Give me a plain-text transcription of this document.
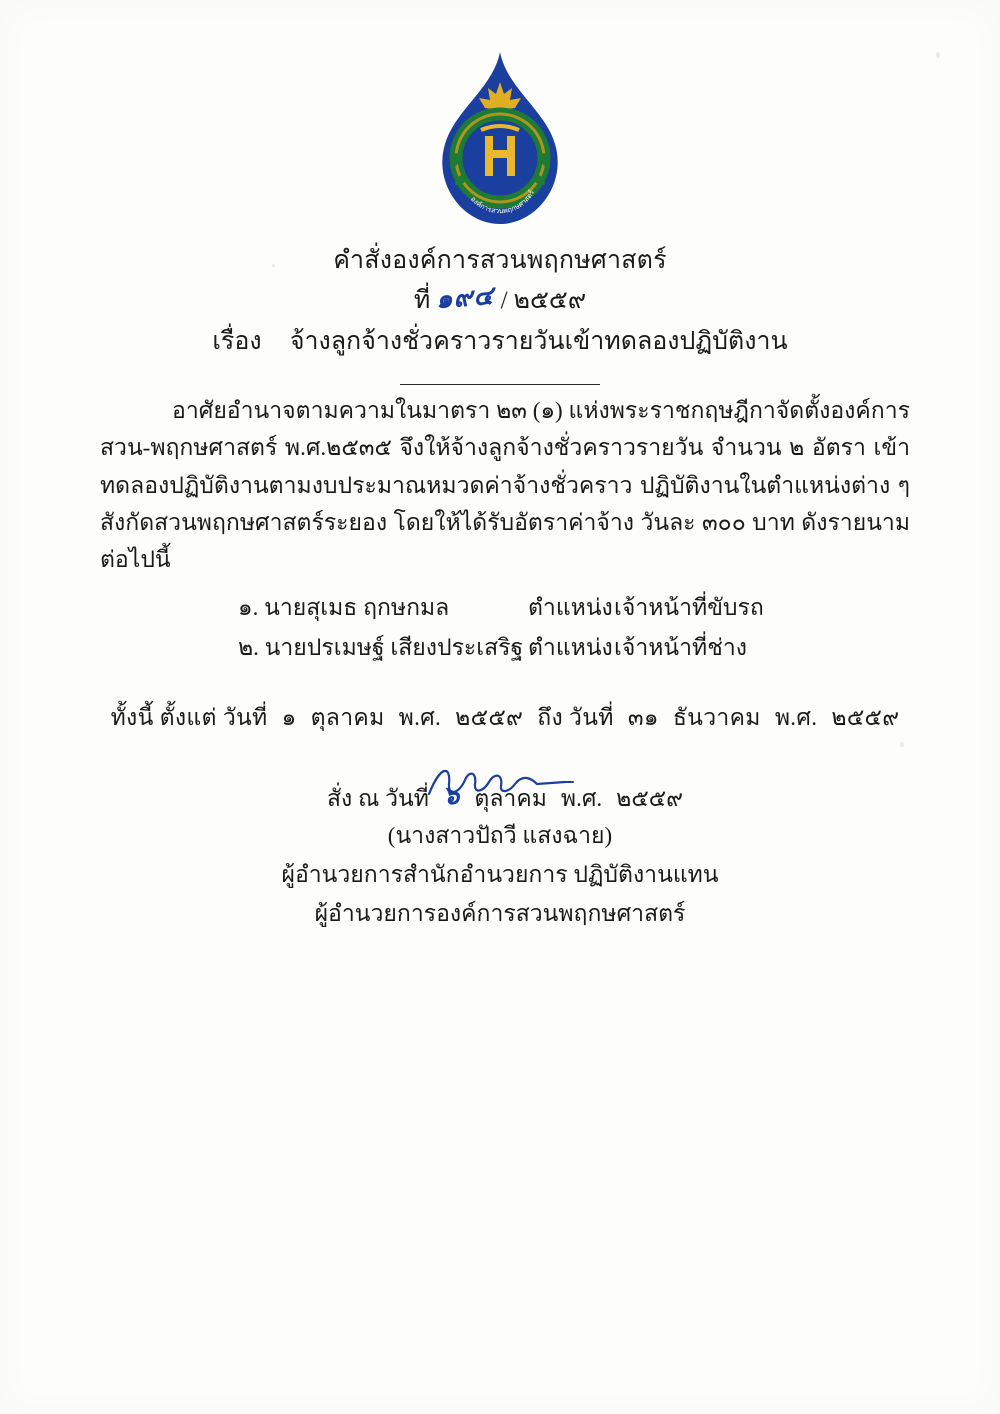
องค์การสวนพฤกษศาสตร์
คำสั่งองค์การสวนพฤกษศาสตร์
ที่ ๑๙๔ / ๒๕๕๙
เรื่อง จ้างลูกจ้างชั่วคราวรายวันเข้าทดลองปฏิบัติงาน
อาศัยอำนาจตามความในมาตรา ๒๓ (๑) แห่งพระราชกฤษฎีกาจัดตั้งองค์การสวน-พฤกษศาสตร์ พ.ศ.๒๕๓๕ จึงให้จ้างลูกจ้างชั่วคราวรายวัน จำนวน ๒ อัตรา เข้าทดลองปฏิบัติงานตามงบประมาณหมวดค่าจ้างชั่วคราว ปฏิบัติงานในตำแหน่งต่าง ๆ สังกัดสวนพฤกษศาสตร์ระยอง โดยให้ได้รับอัตราค่าจ้าง วันละ ๓๐๐ บาท ดังรายนามต่อไปนี้
๑. นายสุเมธ ฤกษกมล	ตำแหน่ง เจ้าหน้าที่ขับรถ
๒. นายปรเมษฐ์ เสียงประเสริฐ ตำแหน่ง เจ้าหน้าที่ช่าง
ทั้งนี้ ตั้งแต่ วันที่ ๑ ตุลาคม พ.ศ. ๒๕๕๙ ถึง วันที่ ๓๑ ธันวาคม พ.ศ. ๒๕๕๙
สั่ง ณ วันที่ ๖ ตุลาคม พ.ศ. ๒๕๕๙
(นางสาวปัถวี แสงฉาย)
ผู้อำนวยการสำนักอำนวยการ ปฏิบัติงานแทน
ผู้อำนวยการองค์การสวนพฤกษศาสตร์
